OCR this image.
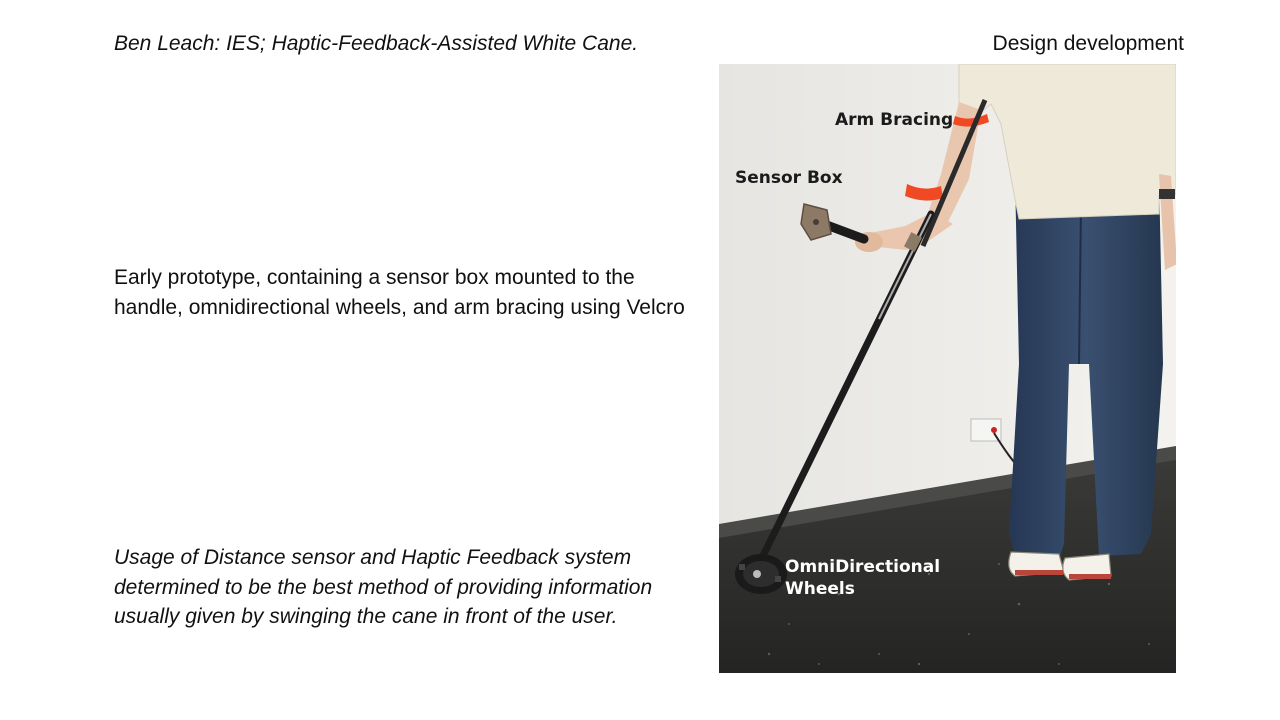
Ben Leach: IES; Haptic-Feedback-Assisted White Cane.	Design development
Early prototype, containing a sensor box mounted to the handle, omnidirectional wheels, and arm bracing using Velcro
Usage of Distance sensor and Haptic Feedback system determined to be the best method of providing information usually given by swinging the cane in front of the user.
Arm Bracing
Sensor Box
OmniDirectional
Wheels
